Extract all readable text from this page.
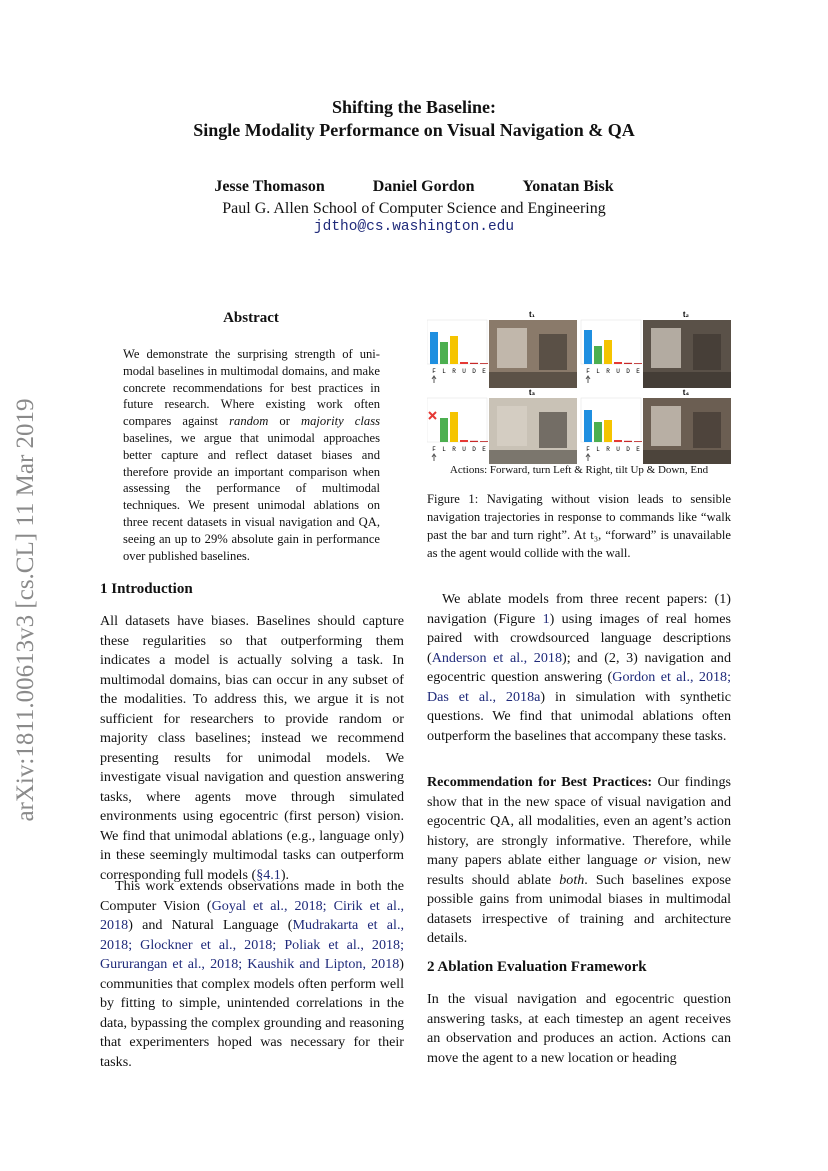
arXiv:1811.00613v3 [cs.CL] 11 Mar 2019
Shifting the Baseline:
Single Modality Performance on Visual Navigation & QA
Jesse Thomason	Daniel Gordon	Yonatan Bisk
Paul G. Allen School of Computer Science and Engineering
jdtho@cs.washington.edu
Abstract
We demonstrate the surprising strength of uni-modal baselines in multimodal domains, and make concrete recommendations for best practices in future research. Where existing work often compares against random or majority class baselines, we argue that unimodal approaches better capture and reflect dataset biases and therefore provide an important comparison when assessing the performance of multimodal techniques. We present unimodal ablations on three recent datasets in visual navigation and QA, seeing an up to 29% absolute gain in performance over published baselines.
1 Introduction
All datasets have biases. Baselines should capture these regularities so that outperforming them indicates a model is actually solving a task. In multimodal domains, bias can occur in any subset of the modalities. To address this, we argue it is not sufficient for researchers to provide random or majority class baselines; instead we recommend presenting results for unimodal models. We investigate visual navigation and question answering tasks, where agents move through simulated environments using egocentric (first person) vision. We find that unimodal ablations (e.g., language only) in these seemingly multimodal tasks can outperform corresponding full models (§4.1).
This work extends observations made in both the Computer Vision (Goyal et al., 2018; Cirik et al., 2018) and Natural Language (Mudrakarta et al., 2018; Glockner et al., 2018; Poliak et al., 2018; Gururangan et al., 2018; Kaushik and Lipton, 2018) communities that complex models often perform well by fitting to simple, unintended correlations in the data, bypassing the complex grounding and reasoning that experimenters hoped was necessary for their tasks.
t₁
F L R U D E
t₂
F L R U D E
t₃
F L R U D E
t₄
F L R U D E
Actions: Forward, turn Left & Right, tilt Up & Down, End
Figure 1: Navigating without vision leads to sensible navigation trajectories in response to commands like “walk past the bar and turn right”. At t₃, “forward” is unavailable as the agent would collide with the wall.
We ablate models from three recent papers: (1) navigation (Figure 1) using images of real homes paired with crowdsourced language descriptions (Anderson et al., 2018); and (2, 3) navigation and egocentric question answering (Gordon et al., 2018; Das et al., 2018a) in simulation with synthetic questions. We find that unimodal ablations often outperform the baselines that accompany these tasks.
Recommendation for Best Practices: Our findings show that in the new space of visual navigation and egocentric QA, all modalities, even an agent’s action history, are strongly informative. Therefore, while many papers ablate either language or vision, new results should ablate both. Such baselines expose possible gains from unimodal biases in multimodal datasets irrespective of training and architecture details.
2 Ablation Evaluation Framework
In the visual navigation and egocentric question answering tasks, at each timestep an agent receives an observation and produces an action. Actions can move the agent to a new location or heading
